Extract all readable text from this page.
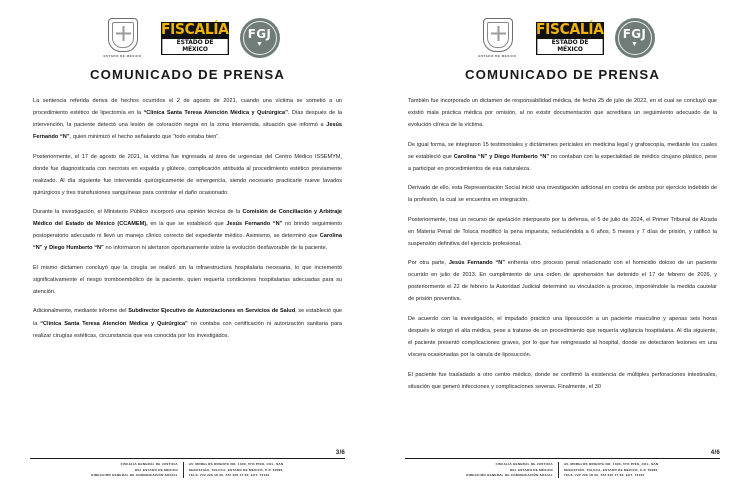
ESTADO DE MÉXICO
FISCALÍA
ESTADO DE MÉXICO
FGJ
▼
COMUNICADO DE PRENSA

La sentencia referida deriva de hechos ocurridos el 2 de agosto de 2021, cuando una víctima se sometió a un procedimiento estético de lipectomía en la “Clínica Santa Teresa Atención Médica y Quirúrgica”. Días después de la intervención, la paciente detectó una lesión de coloración negra en la zona intervenida, situación que informó a Jesús Fernando “N”, quien minimizó el hecho señalando que “todo estaba bien”.

Posteriormente, el 17 de agosto de 2021, la víctima fue ingresada al área de urgencias del Centro Médico ISSEMYM, donde fue diagnosticada con necrosis en espalda y glúteos, complicación atribuida al procedimiento estético previamente realizado. Al día siguiente fue intervenida quirúrgicamente de emergencia, siendo necesario practicarle nueve lavados quirúrgicos y tres transfusiones sanguíneas para controlar el daño ocasionado.

Durante la investigación, el Ministerio Público incorporó una opinión técnica de la Comisión de Conciliación y Arbitraje Médico del Estado de México (CCAMEM), en la que se estableció que Jesús Fernando “N” no brindó seguimiento postoperatorio adecuado ni llevó un manejo clínico correcto del expediente médico. Asimismo, se determinó que Carolina “N” y Diego Humberto “N” no informaron ni alertaron oportunamente sobre la evolución desfavorable de la paciente.

El mismo dictamen concluyó que la cirugía se realizó sin la infraestructura hospitalaria necesaria, lo que incrementó significativamente el riesgo tromboembólico de la paciente, quien requería condiciones hospitalarias adecuadas para su atención.

Adicionalmente, mediante informe del Subdirector Ejecutivo de Autorizaciones en Servicios de Salud, se estableció que la “Clínica Santa Teresa Atención Médica y Quirúrgica” no contaba con certificación ni autorización sanitaria para realizar cirugías estéticas, circunstancia que era conocida por los investigados.

3/6
FISCALÍA GENERAL DE JUSTICIA
DEL ESTADO DE MÉXICO
DIRECCIÓN GENERAL DE COMUNICACIÓN SOCIAL
AV. MORELOS ORIENTE NO. 1300, 5TO PISO, COL. SAN
SEBASTIÁN, TOLUCA, ESTADO DE MÉXICO, C.P. 50090,
TELS. 722 226 18 00, 722 226 17 00, EXT. 73133
ESTADO DE MÉXICO
FISCALÍA
ESTADO DE MÉXICO
FGJ
▼
COMUNICADO DE PRENSA

También fue incorporado un dictamen de responsabilidad médica, de fecha 25 de julio de 2022, en el cual se concluyó que existió mala práctica médica por omisión, al no existir documentación que acreditara un seguimiento adecuado de la evolución clínica de la víctima.

De igual forma, se integraron 15 testimoniales y dictámenes periciales en medicina legal y grafoscopía, mediante los cuales se estableció que Carolina “N” y Diego Humberto “N” no contaban con la especialidad de médico cirujano plástico, pese a participar en procedimientos de esa naturaleza.

Derivado de ello, esta Representación Social inició una investigación adicional en contra de ambos por ejercicio indebido de la profesión, la cual se encuentra en integración.

Posteriormente, tras un recurso de apelación interpuesto por la defensa, el 5 de julio de 2024, el Primer Tribunal de Alzada en Materia Penal de Toluca modificó la pena impuesta, reduciéndola a 6 años, 5 meses y 7 días de prisión, y ratificó la suspensión definitiva del ejercicio profesional.

Por otra parte, Jesús Fernando “N” enfrenta otro proceso penal relacionado con el homicidio doloso de un paciente ocurrido en julio de 2013. En cumplimiento de una orden de aprehensión fue detenido el 17 de febrero de 2026, y posteriormente el 22 de febrero la Autoridad Judicial determinó su vinculación a proceso, imponiéndole la medida cautelar de prisión preventiva.

De acuerdo con la investigación, el imputado practicó una liposucción a un paciente masculino y apenas seis horas después le otorgó el alta médica, pese a tratarse de un procedimiento que requería vigilancia hospitalaria. Al día siguiente, el paciente presentó complicaciones graves, por lo que fue reingresado al hospital, donde se detectaron lesiones en una víscera ocasionadas por la cánula de liposucción.

El paciente fue trasladado a otro centro médico, donde se confirmó la existencia de múltiples perforaciones intestinales, situación que generó infecciones y complicaciones severas. Finalmente, el 30

4/6
FISCALÍA GENERAL DE JUSTICIA
DEL ESTADO DE MÉXICO
DIRECCIÓN GENERAL DE COMUNICACIÓN SOCIAL
AV. MORELOS ORIENTE NO. 1300, 5TO PISO, COL. SAN
SEBASTIÁN, TOLUCA, ESTADO DE MÉXICO, C.P. 50090,
TELS. 722 226 18 00, 722 226 17 00, EXT. 73133
